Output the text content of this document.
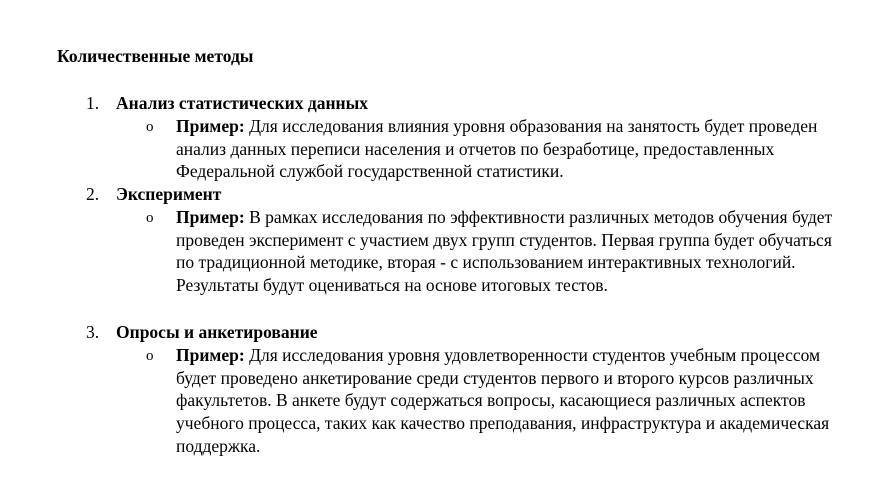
Количественные методы
1. Анализ статистических данных
o Пример: Для исследования влияния уровня образования на занятость будет проведен анализ данных переписи населения и отчетов по безработице, предоставленных Федеральной службой государственной статистики.
2. Эксперимент
o Пример: В рамках исследования по эффективности различных методов обучения будет проведен эксперимент с участием двух групп студентов. Первая группа будет обучаться по традиционной методике, вторая - с использованием интерактивных технологий. Результаты будут оцениваться на основе итоговых тестов.
3. Опросы и анкетирование
o Пример: Для исследования уровня удовлетворенности студентов учебным процессом будет проведено анкетирование среди студентов первого и второго курсов различных факультетов. В анкете будут содержаться вопросы, касающиеся различных аспектов учебного процесса, таких как качество преподавания, инфраструктура и академическая поддержка.
